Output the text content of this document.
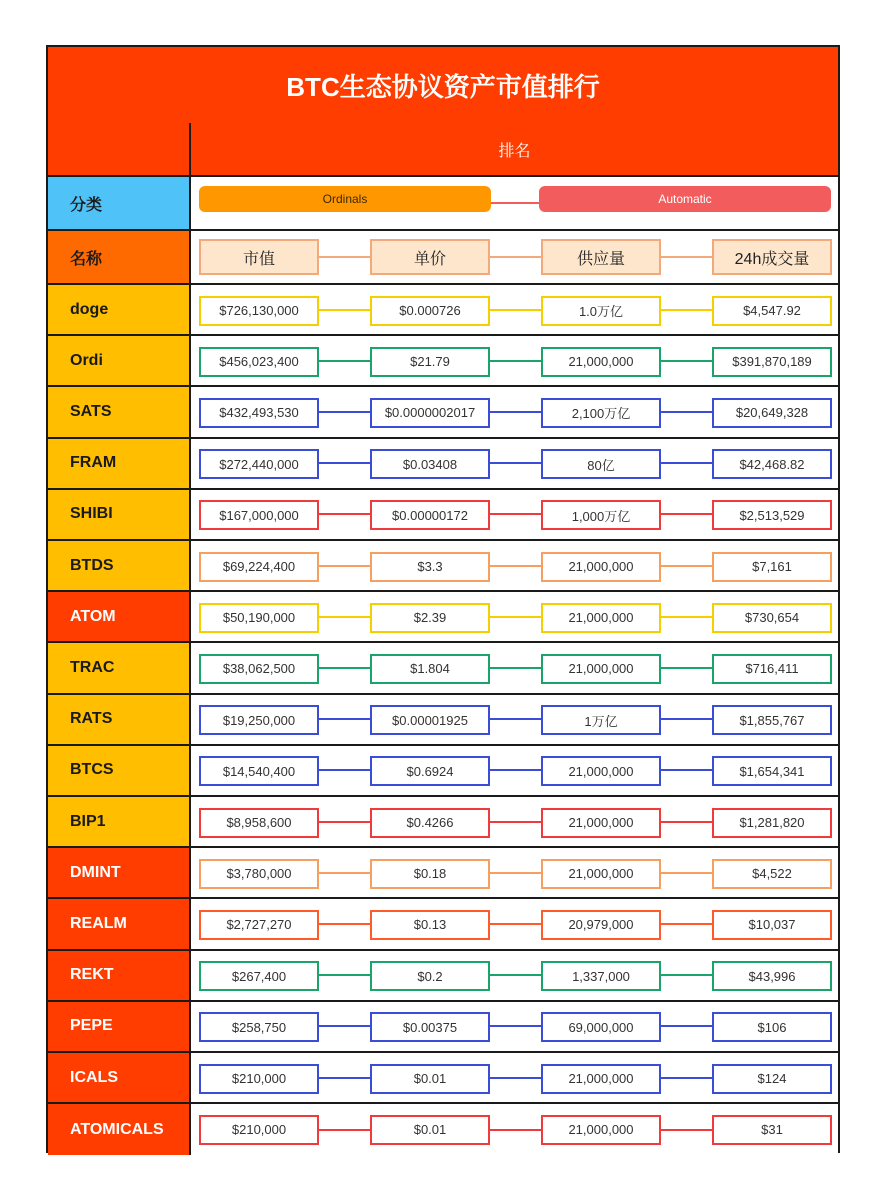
BTC生态协议资产市值排行
排名
分类	Ordinals	Automatic
名称	市值	单价	供应量	24h成交量
doge	$726,130,000	$0.000726	1.0万亿	$4,547.92
Ordi	$456,023,400	$21.79	21,000,000	$391,870,189
SATS	$432,493,530	$0.0000002017	2,100万亿	$20,649,328
FRAM	$272,440,000	$0.03408	80亿	$42,468.82
SHIBI	$167,000,000	$0.00000172	1,000万亿	$2,513,529
BTDS	$69,224,400	$3.3	21,000,000	$7,161
ATOM	$50,190,000	$2.39	21,000,000	$730,654
TRAC	$38,062,500	$1.804	21,000,000	$716,411
RATS	$19,250,000	$0.00001925	1万亿	$1,855,767
BTCS	$14,540,400	$0.6924	21,000,000	$1,654,341
BIP1	$8,958,600	$0.4266	21,000,000	$1,281,820
DMINT	$3,780,000	$0.18	21,000,000	$4,522
REALM	$2,727,270	$0.13	20,979,000	$10,037
REKT	$267,400	$0.2	1,337,000	$43,996
PEPE	$258,750	$0.00375	69,000,000	$106
ICALS	$210,000	$0.01	21,000,000	$124
ATOMICALS	$210,000	$0.01	21,000,000	$31
